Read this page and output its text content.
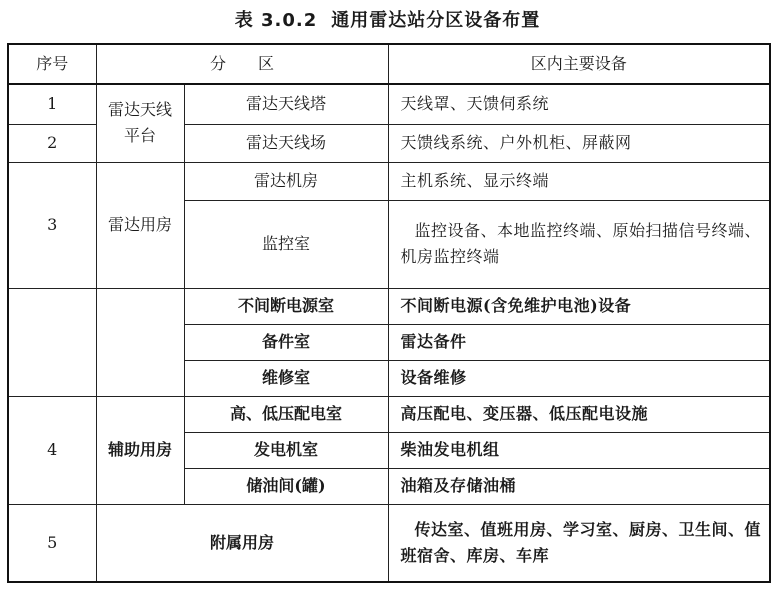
表 3.0.2 通用雷达站分区设备布置
序号	分　　区		区内主要设备
1	雷达天线平台	雷达天线塔	天线罩、天馈伺系统
2		雷达天线场	天馈线系统、户外机柜、屏蔽网
3	雷达用房	雷达机房	主机系统、显示终端
		监控室	监控设备、本地监控终端、原始扫描信号终端、机房监控终端
		不间断电源室	不间断电源(含免维护电池)设备
		备件室	雷达备件
		维修室	设备维修
4	辅助用房	高、低压配电室	高压配电、变压器、低压配电设施
		发电机室	柴油发电机组
		储油间(罐)	油箱及存储油桶
5	附属用房		传达室、值班用房、学习室、厨房、卫生间、值班宿舍、库房、车库
